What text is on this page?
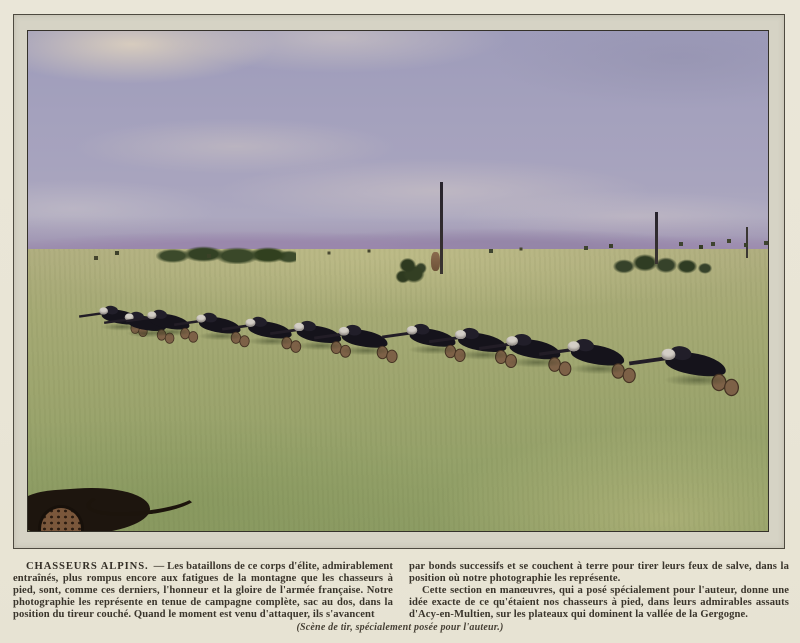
CHASSEURS ALPINS. — Les bataillons de ce corps d'élite, admirablement entraînés, plus rompus encore aux fatigues de la montagne que les chasseurs à pied, sont, comme ces derniers, l'honneur et la gloire de l'armée française. Notre photographie les représente en tenue de campagne complète, sac au dos, dans la position du tireur couché. Quand le moment est venu d'attaquer, ils s'avancent

par bonds successifs et se couchent à terre pour tirer leurs feux de salve, dans la position où notre photographie les représente.

Cette section en manœuvres, qui a posé spécialement pour l'auteur, donne une idée exacte de ce qu'étaient nos chasseurs à pied, dans leurs admirables assauts d'Acy-en-Multien, sur les plateaux qui dominent la vallée de la Gergogne.

(Scène de tir, spécialement posée pour l'auteur.)
